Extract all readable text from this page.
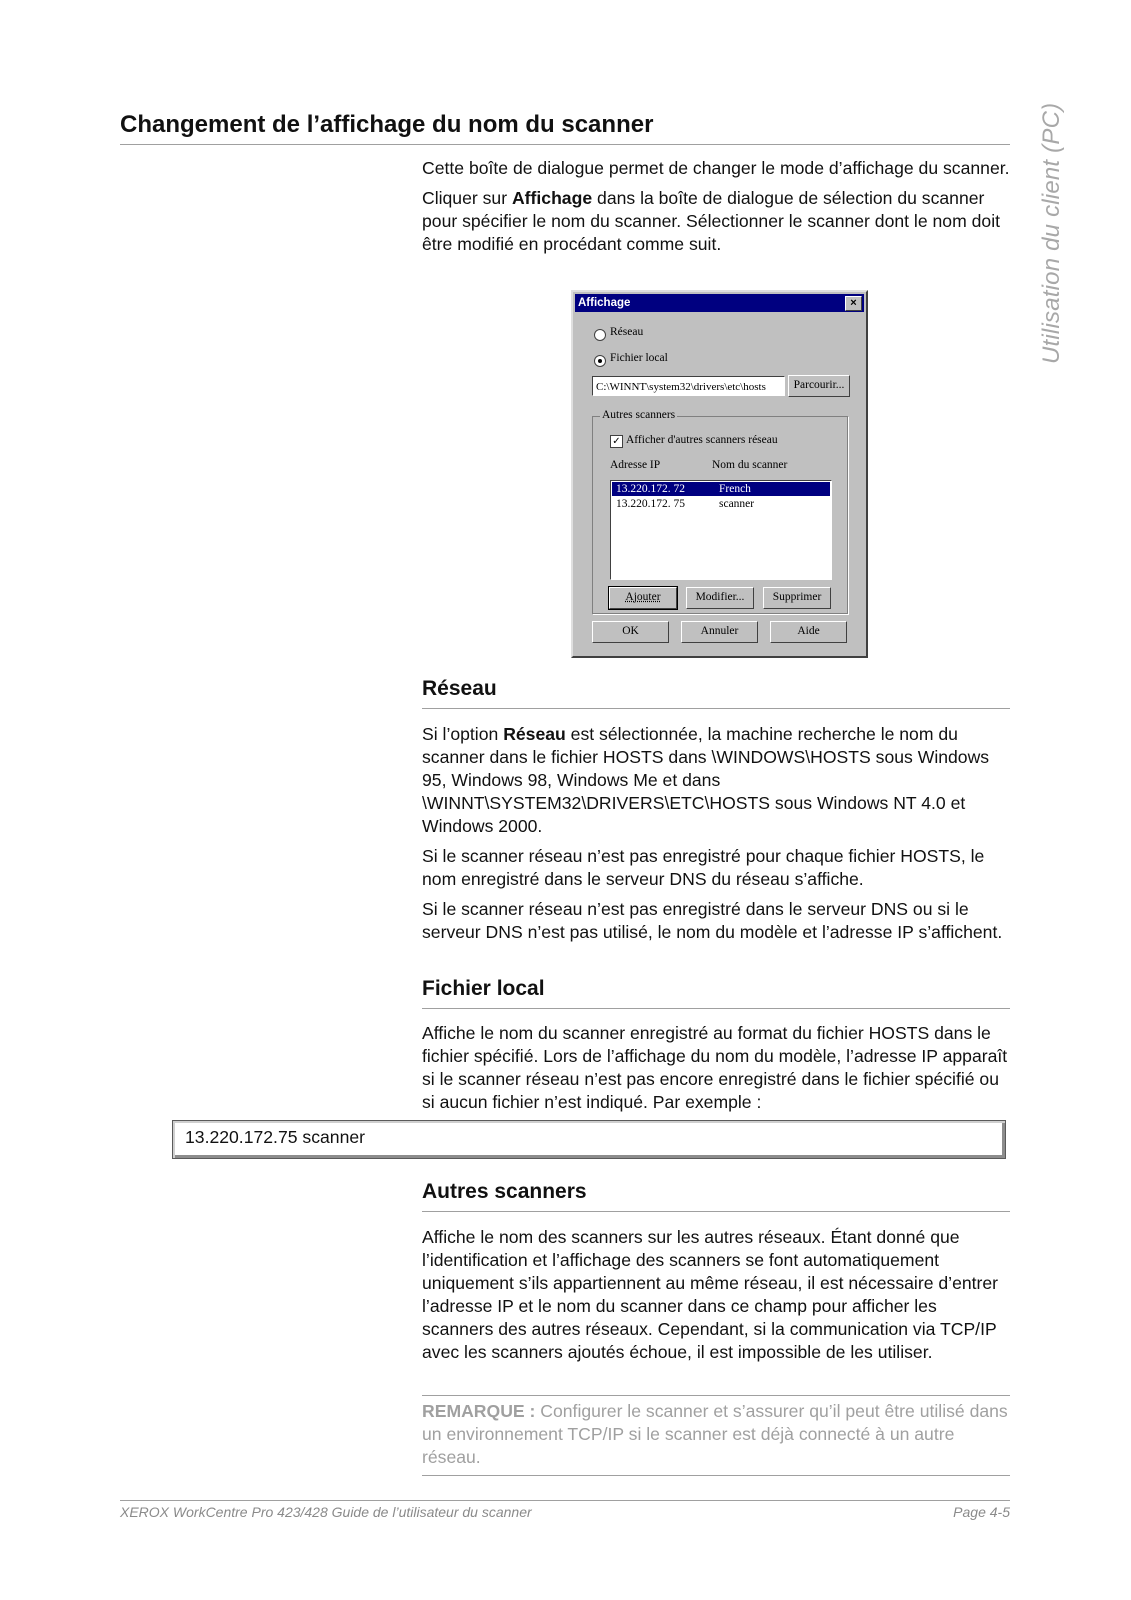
Changement de l’affichage du nom du scanner	Utilisation du client (PC)

Cette boîte de dialogue permet de changer le mode d’affichage du scanner.

Cliquer sur Affichage dans la boîte de dialogue de sélection du scanner pour spécifier le nom du scanner. Sélectionner le scanner dont le nom doit être modifié en procédant comme suit.

Affichage	×
Réseau
Fichier local
C:\WINNT\system32\drivers\etc\hosts	Parcourir...
Autres scanners
✓ Afficher d'autres scanners réseau
Adresse IP	Nom du scanner
13.220.172. 72	French
13.220.172. 75	scanner
Ajouter	Modifier...	Supprimer
OK	Annuler	Aide
Réseau

Si l’option Réseau est sélectionnée, la machine recherche le nom du scanner dans le fichier HOSTS dans \WINDOWS\HOSTS sous Windows 95, Windows 98, Windows Me et dans \WINNT\SYSTEM32\DRIVERS\ETC\HOSTS sous Windows NT 4.0 et Windows 2000.

Si le scanner réseau n’est pas enregistré pour chaque fichier HOSTS, le nom enregistré dans le serveur DNS du réseau s’affiche.

Si le scanner réseau n’est pas enregistré dans le serveur DNS ou si le serveur DNS n’est pas utilisé, le nom du modèle et l’adresse IP s’affichent.

Fichier local

Affiche le nom du scanner enregistré au format du fichier HOSTS dans le fichier spécifié. Lors de l’affichage du nom du modèle, l’adresse IP apparaît si le scanner réseau n’est pas encore enregistré dans le fichier spécifié ou si aucun fichier n’est indiqué. Par exemple :

13.220.172.75 scanner
Autres scanners

Affiche le nom des scanners sur les autres réseaux. Étant donné que l’identification et l’affichage des scanners se font automatiquement uniquement s’ils appartiennent au même réseau, il est nécessaire d’entrer l’adresse IP et le nom du scanner dans ce champ pour afficher les scanners des autres réseaux. Cependant, si la communication via TCP/IP avec les scanners ajoutés échoue, il est impossible de les utiliser.

REMARQUE : Configurer le scanner et s’assurer qu’il peut être utilisé dans un environnement TCP/IP si le scanner est déjà connecté à un autre réseau.
XEROX WorkCentre Pro 423/428 Guide de l’utilisateur du scanner	Page 4-5
